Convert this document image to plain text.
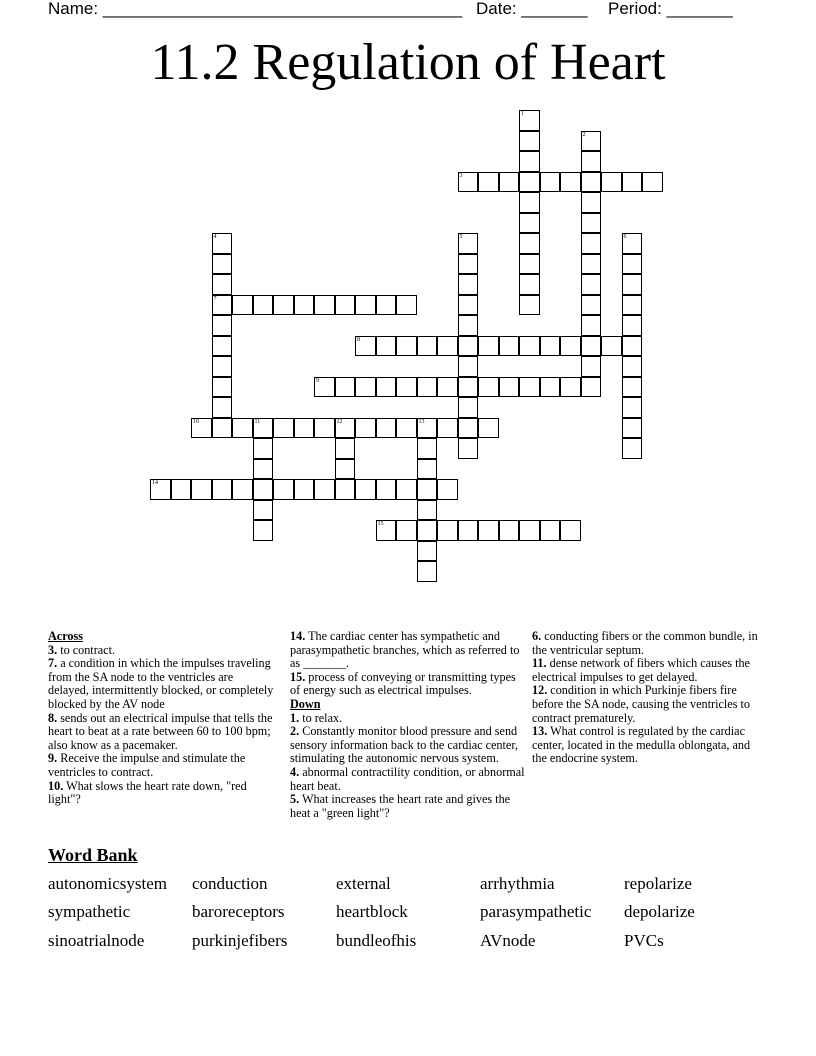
Name: ______________________________________ Date: _______ Period: _______
11.2 Regulation of Heart
1
2
3
4
7
5	6
8
9
10	11	12	13
14
15
Across
3. to contract.
7. a condition in which the impulses traveling from the SA node to the ventricles are delayed, intermittently blocked, or completely blocked by the AV node
8. sends out an electrical impulse that tells the heart to beat at a rate between 60 to 100 bpm; also know as a pacemaker.
9. Receive the impulse and stimulate the ventricles to contract.
10. What slows the heart rate down, "red light"?
14. The cardiac center has sympathetic and parasympathetic branches, which as referred to as _______.
15. process of conveying or transmitting types of energy such as electrical impulses.
Down
1. to relax.
2. Constantly monitor blood pressure and send sensory information back to the cardiac center, stimulating the autonomic nervous system.
4. abnormal contractility condition, or abnormal heart beat.
5. What increases the heart rate and gives the heat a "green light"?
6. conducting fibers or the common bundle, in the ventricular septum.
11. dense network of fibers which causes the electrical impulses to get delayed.
12. condition in which Purkinje fibers fire before the SA node, causing the ventricles to contract prematurely.
13. What control is regulated by the cardiac center, located in the medulla oblongata, and the endocrine system.
Word Bank
autonomicsystem conduction	external	arrhythmia	repolarize
sympathetic	baroreceptors	heartblock	parasympathetic depolarize
sinoatrialnode	purkinjefibers	bundleofhis	AVnode	PVCs
